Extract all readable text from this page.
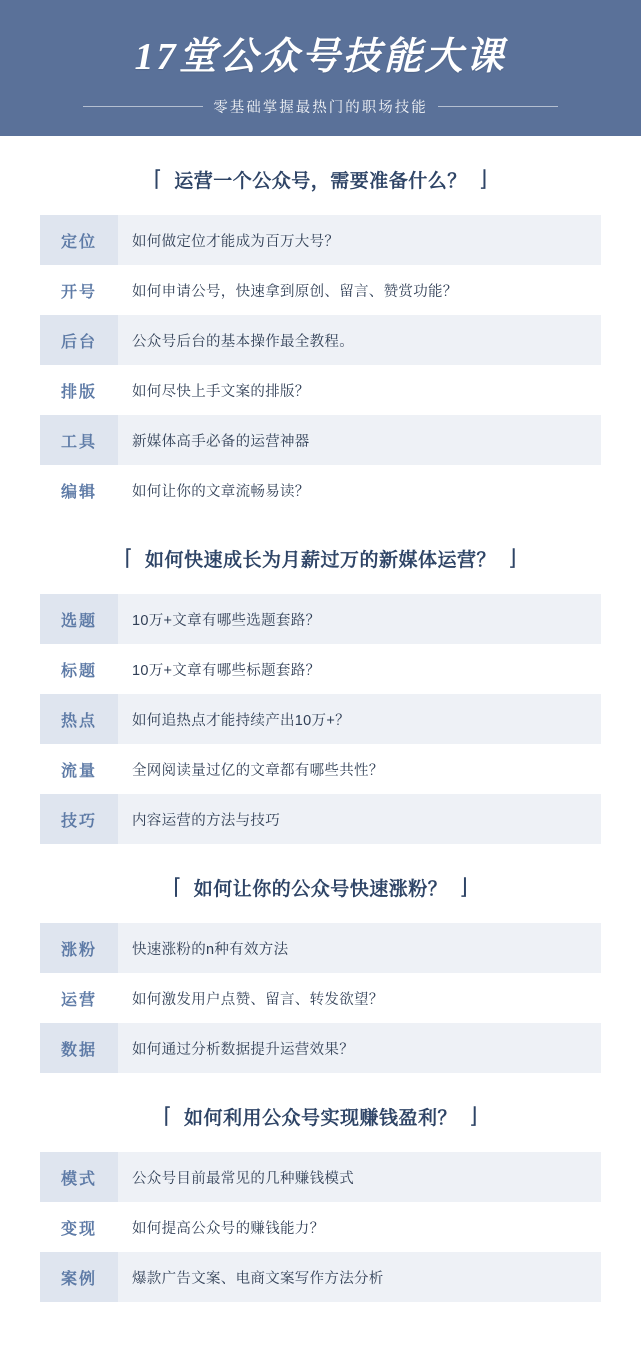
17堂公众号技能大课
零基础掌握最热门的职场技能
⌈
运营一个公众号，需要准备什么？
⌋
定位	如何做定位才能成为百万大号？
开号	如何申请公号，快速拿到原创、留言、赞赏功能？
后台	公众号后台的基本操作最全教程。
排版	如何尽快上手文案的排版？
工具	新媒体高手必备的运营神器
编辑	如何让你的文章流畅易读？
⌈
如何快速成长为月薪过万的新媒体运营？
⌋
选题	10万+文章有哪些选题套路？
标题	10万+文章有哪些标题套路？
热点	如何追热点才能持续产出10万+？
流量	全网阅读量过亿的文章都有哪些共性？
技巧	内容运营的方法与技巧
⌈
如何让你的公众号快速涨粉？
⌋
涨粉	快速涨粉的n种有效方法
运营	如何激发用户点赞、留言、转发欲望？
数据	如何通过分析数据提升运营效果？
⌈
如何利用公众号实现赚钱盈利？
⌋
模式	公众号目前最常见的几种赚钱模式
变现	如何提高公众号的赚钱能力？
案例	爆款广告文案、电商文案写作方法分析
